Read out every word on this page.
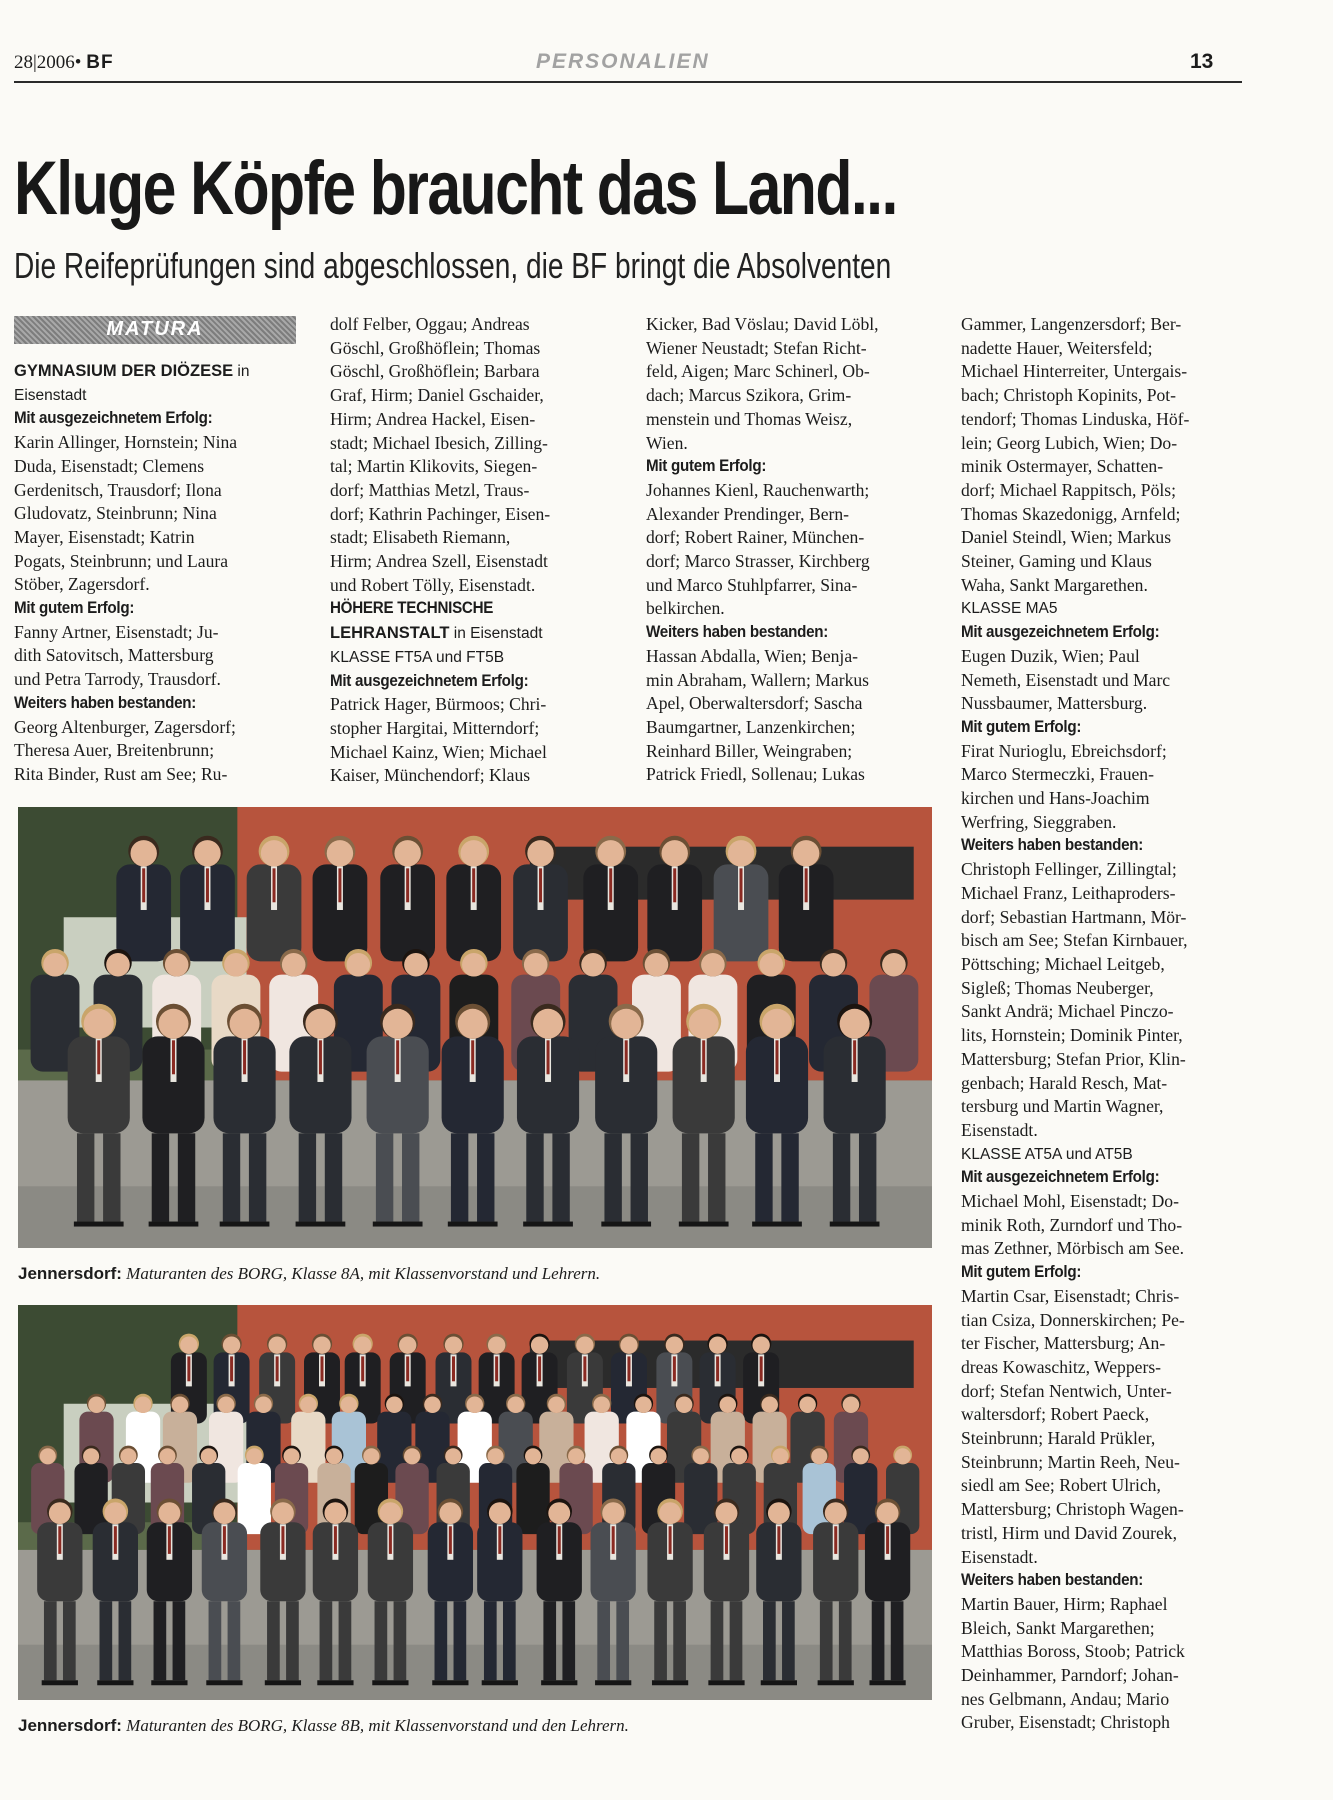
28|2006• BF	PERSONALIEN	13
Kluge Köpfe braucht das Land...
Die Reifeprüfungen sind abgeschlossen, die BF bringt die Absolventen
MATURA
GYMNASIUM DER DIÖZESE in
Eisenstadt
Mit ausgezeichnetem Erfolg:
Karin Allinger, Hornstein; Nina
Duda, Eisenstadt; Clemens
Gerdenitsch, Trausdorf; Ilona
Gludovatz, Steinbrunn; Nina
Mayer, Eisenstadt; Katrin
Pogats, Steinbrunn; und Laura
Stöber, Zagersdorf.
Mit gutem Erfolg:
Fanny Artner, Eisenstadt; Ju-
dith Satovitsch, Mattersburg
und Petra Tarrody, Trausdorf.
Weiters haben bestanden:
Georg Altenburger, Zagersdorf;
Theresa Auer, Breitenbrunn;
Rita Binder, Rust am See; Ru-
dolf Felber, Oggau; Andreas
Göschl, Großhöflein; Thomas
Göschl, Großhöflein; Barbara
Graf, Hirm; Daniel Gschaider,
Hirm; Andrea Hackel, Eisen-
stadt; Michael Ibesich, Zilling-
tal; Martin Klikovits, Siegen-
dorf; Matthias Metzl, Traus-
dorf; Kathrin Pachinger, Eisen-
stadt; Elisabeth Riemann,
Hirm; Andrea Szell, Eisenstadt
und Robert Tölly, Eisenstadt.
HÖHERE TECHNISCHE
LEHRANSTALT in Eisenstadt
KLASSE FT5A und FT5B
Mit ausgezeichnetem Erfolg:
Patrick Hager, Bürmoos; Chri-
stopher Hargitai, Mitterndorf;
Michael Kainz, Wien; Michael
Kaiser, Münchendorf; Klaus
Kicker, Bad Vöslau; David Löbl,
Wiener Neustadt; Stefan Richt-
feld, Aigen; Marc Schinerl, Ob-
dach; Marcus Szikora, Grim-
menstein und Thomas Weisz,
Wien.
Mit gutem Erfolg:
Johannes Kienl, Rauchenwarth;
Alexander Prendinger, Bern-
dorf; Robert Rainer, München-
dorf; Marco Strasser, Kirchberg
und Marco Stuhlpfarrer, Sina-
belkirchen.
Weiters haben bestanden:
Hassan Abdalla, Wien; Benja-
min Abraham, Wallern; Markus
Apel, Oberwaltersdorf; Sascha
Baumgartner, Lanzenkirchen;
Reinhard Biller, Weingraben;
Patrick Friedl, Sollenau; Lukas
Gammer, Langenzersdorf; Ber-
nadette Hauer, Weitersfeld;
Michael Hinterreiter, Untergais-
bach; Christoph Kopinits, Pot-
tendorf; Thomas Linduska, Höf-
lein; Georg Lubich, Wien; Do-
minik Ostermayer, Schatten-
dorf; Michael Rappitsch, Pöls;
Thomas Skazedonigg, Arnfeld;
Daniel Steindl, Wien; Markus
Steiner, Gaming und Klaus
Waha, Sankt Margarethen.
KLASSE MA5
Mit ausgezeichnetem Erfolg:
Eugen Duzik, Wien; Paul
Nemeth, Eisenstadt und Marc
Nussbaumer, Mattersburg.
Mit gutem Erfolg:
Firat Nurioglu, Ebreichsdorf;
Marco Stermeczki, Frauen-
kirchen und Hans-Joachim
Werfring, Sieggraben.
Weiters haben bestanden:
Christoph Fellinger, Zillingtal;
Michael Franz, Leithaproders-
dorf; Sebastian Hartmann, Mör-
bisch am See; Stefan Kirnbauer,
Pöttsching; Michael Leitgeb,
Sigleß; Thomas Neuberger,
Sankt Andrä; Michael Pinczo-
lits, Hornstein; Dominik Pinter,
Mattersburg; Stefan Prior, Klin-
genbach; Harald Resch, Mat-
tersburg und Martin Wagner,
Eisenstadt.
KLASSE AT5A und AT5B
Mit ausgezeichnetem Erfolg:
Michael Mohl, Eisenstadt; Do-
minik Roth, Zurndorf und Tho-
mas Zethner, Mörbisch am See.
Mit gutem Erfolg:
Martin Csar, Eisenstadt; Chris-
tian Csiza, Donnerskirchen; Pe-
ter Fischer, Mattersburg; An-
dreas Kowaschitz, Weppers-
dorf; Stefan Nentwich, Unter-
waltersdorf; Robert Paeck,
Steinbrunn; Harald Prükler,
Steinbrunn; Martin Reeh, Neu-
siedl am See; Robert Ulrich,
Mattersburg; Christoph Wagen-
tristl, Hirm und David Zourek,
Eisenstadt.
Weiters haben bestanden:
Martin Bauer, Hirm; Raphael
Bleich, Sankt Margarethen;
Matthias Boross, Stoob; Patrick
Deinhammer, Parndorf; Johan-
nes Gelbmann, Andau; Mario
Gruber, Eisenstadt; Christoph
Jennersdorf: Maturanten des BORG, Klasse 8A, mit Klassenvorstand und Lehrern.
Jennersdorf: Maturanten des BORG, Klasse 8B, mit Klassenvorstand und den Lehrern.
